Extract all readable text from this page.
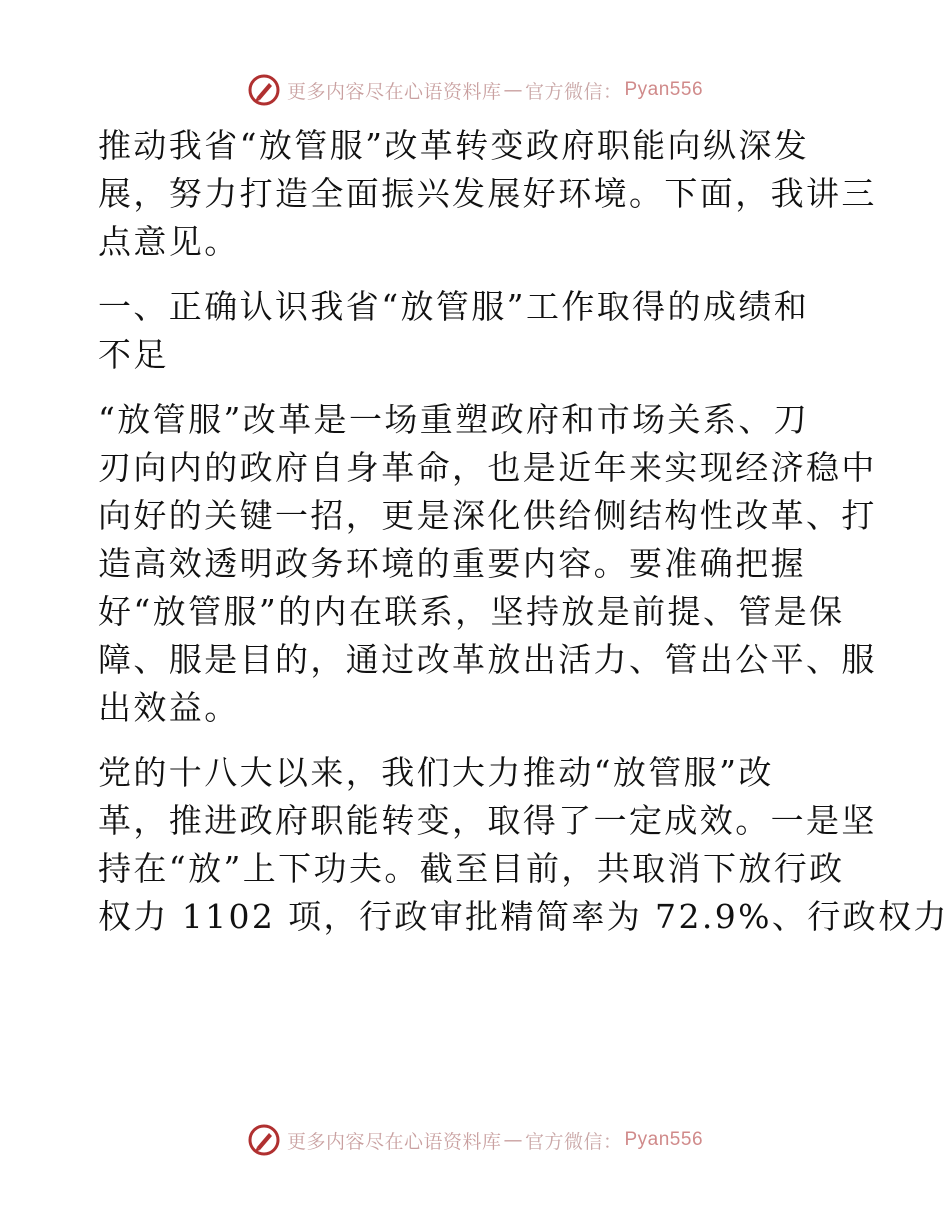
更多内容尽在心语资料库 — 官方微信： Pyan556
推动我省“放管服”改革转变政府职能向纵深发
展，努力打造全面振兴发展好环境。下面，我讲三
点意见。
一、正确认识我省“放管服”工作取得的成绩和
不足
“放管服”改革是一场重塑政府和市场关系、刀
刃向内的政府自身革命，也是近年来实现经济稳中
向好的关键一招，更是深化供给侧结构性改革、打
造高效透明政务环境的重要内容。要准确把握
好“放管服”的内在联系，坚持放是前提、管是保
障、服是目的，通过改革放出活力、管出公平、服
出效益。
党的十八大以来，我们大力推动“放管服”改
革，推进政府职能转变，取得了一定成效。一是坚
持在“放”上下功夫。截至目前，共取消下放行政
权力 1102 项，行政审批精简率为 72.9%、行政权力
更多内容尽在心语资料库 — 官方微信： Pyan556
